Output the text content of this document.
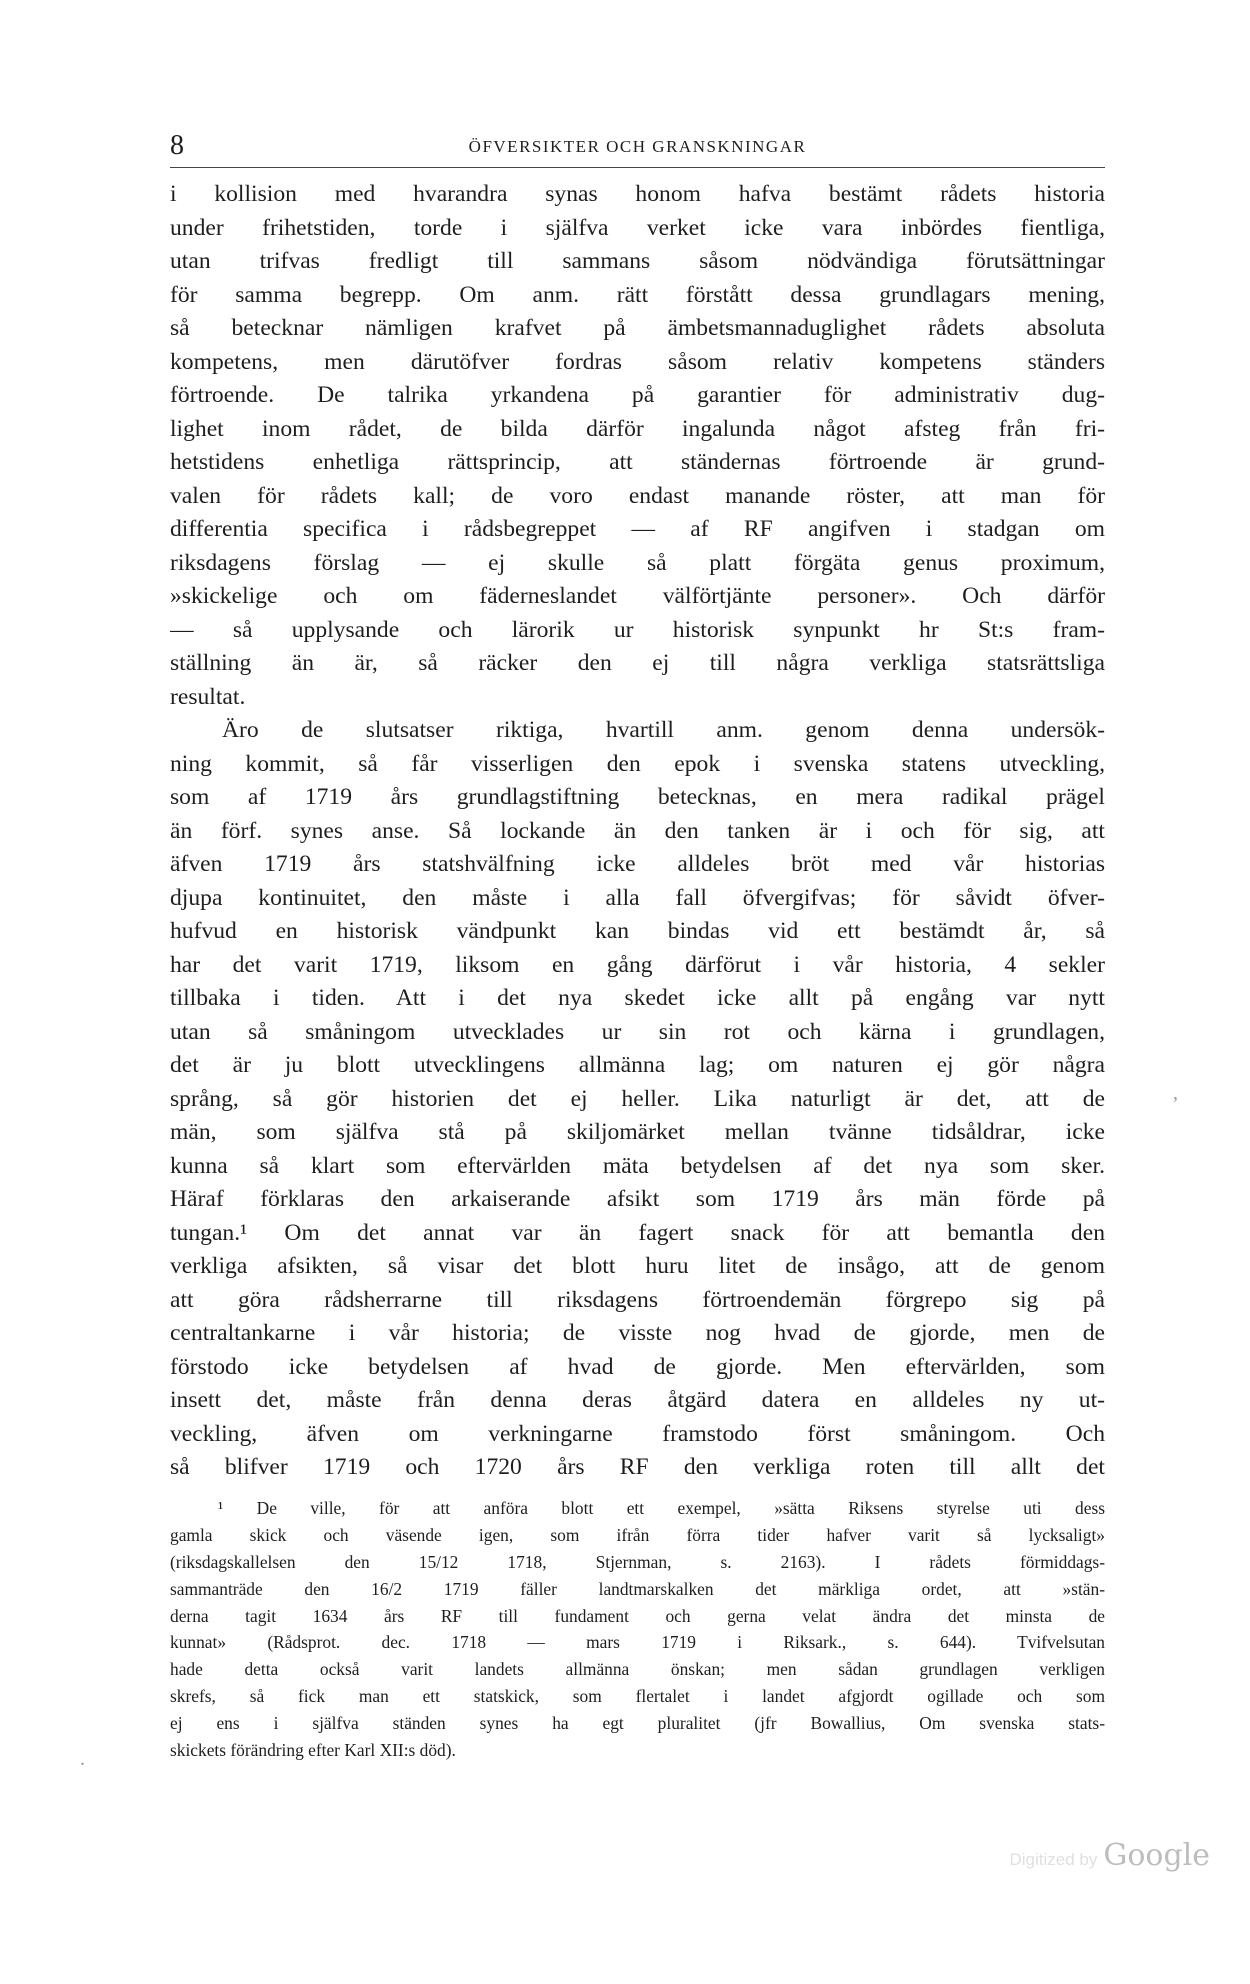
8	ÖFVERSIKTER OCH GRANSKNINGAR
i kollision med hvarandra synas honom hafva bestämt rådets historia
under frihetstiden, torde i själfva verket icke vara inbördes fientliga,
utan trifvas fredligt till sammans såsom nödvändiga förutsättningar
för samma begrepp. Om anm. rätt förstått dessa grundlagars mening,
så betecknar nämligen krafvet på ämbetsmannaduglighet rådets absoluta
kompetens, men därutöfver fordras såsom relativ kompetens ständers
förtroende. De talrika yrkandena på garantier för administrativ dug-
lighet inom rådet, de bilda därför ingalunda något afsteg från fri-
hetstidens enhetliga rättsprincip, att ständernas förtroende är grund-
valen för rådets kall; de voro endast manande röster, att man för
differentia specifica i rådsbegreppet — af RF angifven i stadgan om
riksdagens förslag — ej skulle så platt förgäta genus proximum,
»skickelige och om fäderneslandet välförtjänte personer». Och därför
— så upplysande och lärorik ur historisk synpunkt hr St:s fram-
ställning än är, så räcker den ej till några verkliga statsrättsliga
resultat.
Äro de slutsatser riktiga, hvartill anm. genom denna undersök-
ning kommit, så får visserligen den epok i svenska statens utveckling,
som af 1719 års grundlagstiftning betecknas, en mera radikal prägel
än förf. synes anse. Så lockande än den tanken är i och för sig, att
äfven 1719 års statshvälfning icke alldeles bröt med vår historias
djupa kontinuitet, den måste i alla fall öfvergifvas; för såvidt öfver-
hufvud en historisk vändpunkt kan bindas vid ett bestämdt år, så
har det varit 1719, liksom en gång därförut i vår historia, 4 sekler
tillbaka i tiden. Att i det nya skedet icke allt på engång var nytt
utan så småningom utvecklades ur sin rot och kärna i grundlagen,
det är ju blott utvecklingens allmänna lag; om naturen ej gör några
språng, så gör historien det ej heller. Lika naturligt är det, att de
män, som själfva stå på skiljomärket mellan tvänne tidsåldrar, icke
kunna så klart som eftervärlden mäta betydelsen af det nya som sker.
Häraf förklaras den arkaiserande afsikt som 1719 års män förde på
tungan.¹ Om det annat var än fagert snack för att bemantla den
verkliga afsikten, så visar det blott huru litet de insågo, att de genom
att göra rådsherrarne till riksdagens förtroendemän förgrepo sig på
centraltankarne i vår historia; de visste nog hvad de gjorde, men de
förstodo icke betydelsen af hvad de gjorde. Men eftervärlden, som
insett det, måste från denna deras åtgärd datera en alldeles ny ut-
veckling, äfven om verkningarne framstodo först småningom. Och
så blifver 1719 och 1720 års RF den verkliga roten till allt det
¹ De ville, för att anföra blott ett exempel, »sätta Riksens styrelse uti dess
gamla skick och väsende igen, som ifrån förra tider hafver varit så lycksaligt»
(riksdagskallelsen den 15/12 1718, Stjernman, s. 2163). I rådets förmiddags-
sammanträde den 16/2 1719 fäller landtmarskalken det märkliga ordet, att »stän-
derna tagit 1634 års RF till fundament och gerna velat ändra det minsta de
kunnat» (Rådsprot. dec. 1718 — mars 1719 i Riksark., s. 644). Tvifvelsutan
hade detta också varit landets allmänna önskan; men sådan grundlagen verkligen
skrefs, så fick man ett statskick, som flertalet i landet afgjordt ogillade och som
ej ens i själfva ständen synes ha egt pluralitet (jfr Bowallius, Om svenska stats-
skickets förändring efter Karl XII:s död).
,
.
Digitized by Google
